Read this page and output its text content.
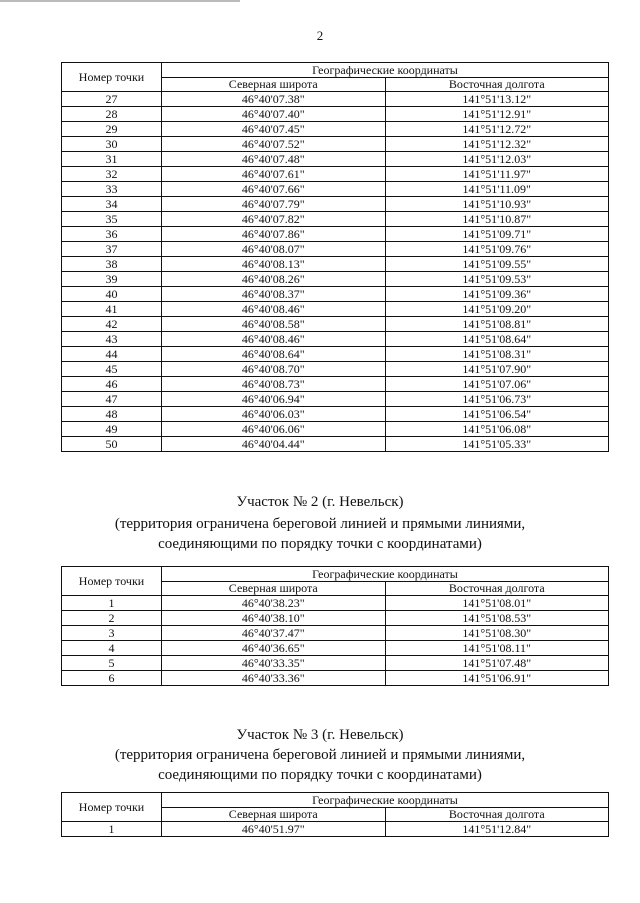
2
Номер точки	Географические координаты	
	Северная широта	Восточная долгота
27	46°40'07.38"	141°51'13.12"
28	46°40'07.40"	141°51'12.91"
29	46°40'07.45"	141°51'12.72"
30	46°40'07.52"	141°51'12.32"
31	46°40'07.48"	141°51'12.03"
32	46°40'07.61"	141°51'11.97"
33	46°40'07.66"	141°51'11.09"
34	46°40'07.79"	141°51'10.93"
35	46°40'07.82"	141°51'10.87"
36	46°40'07.86"	141°51'09.71"
37	46°40'08.07"	141°51'09.76"
38	46°40'08.13"	141°51'09.55"
39	46°40'08.26"	141°51'09.53"
40	46°40'08.37"	141°51'09.36"
41	46°40'08.46"	141°51'09.20"
42	46°40'08.58"	141°51'08.81"
43	46°40'08.46"	141°51'08.64"
44	46°40'08.64"	141°51'08.31"
45	46°40'08.70"	141°51'07.90"
46	46°40'08.73"	141°51'07.06"
47	46°40'06.94"	141°51'06.73"
48	46°40'06.03"	141°51'06.54"
49	46°40'06.06"	141°51'06.08"
50	46°40'04.44"	141°51'05.33"
Участок № 2 (г. Невельск)
(территория ограничена береговой линией и прямыми линиями,
соединяющими по порядку точки с координатами)
Номер точки	Географические координаты	
	Северная широта	Восточная долгота
1	46°40'38.23"	141°51'08.01"
2	46°40'38.10"	141°51'08.53"
3	46°40'37.47"	141°51'08.30"
4	46°40'36.65"	141°51'08.11"
5	46°40'33.35"	141°51'07.48"
6	46°40'33.36"	141°51'06.91"
Участок № 3 (г. Невельск)
(территория ограничена береговой линией и прямыми линиями,
соединяющими по порядку точки с координатами)
Номер точки	Географические координаты	
	Северная широта	Восточная долгота
1	46°40'51.97"	141°51'12.84"
